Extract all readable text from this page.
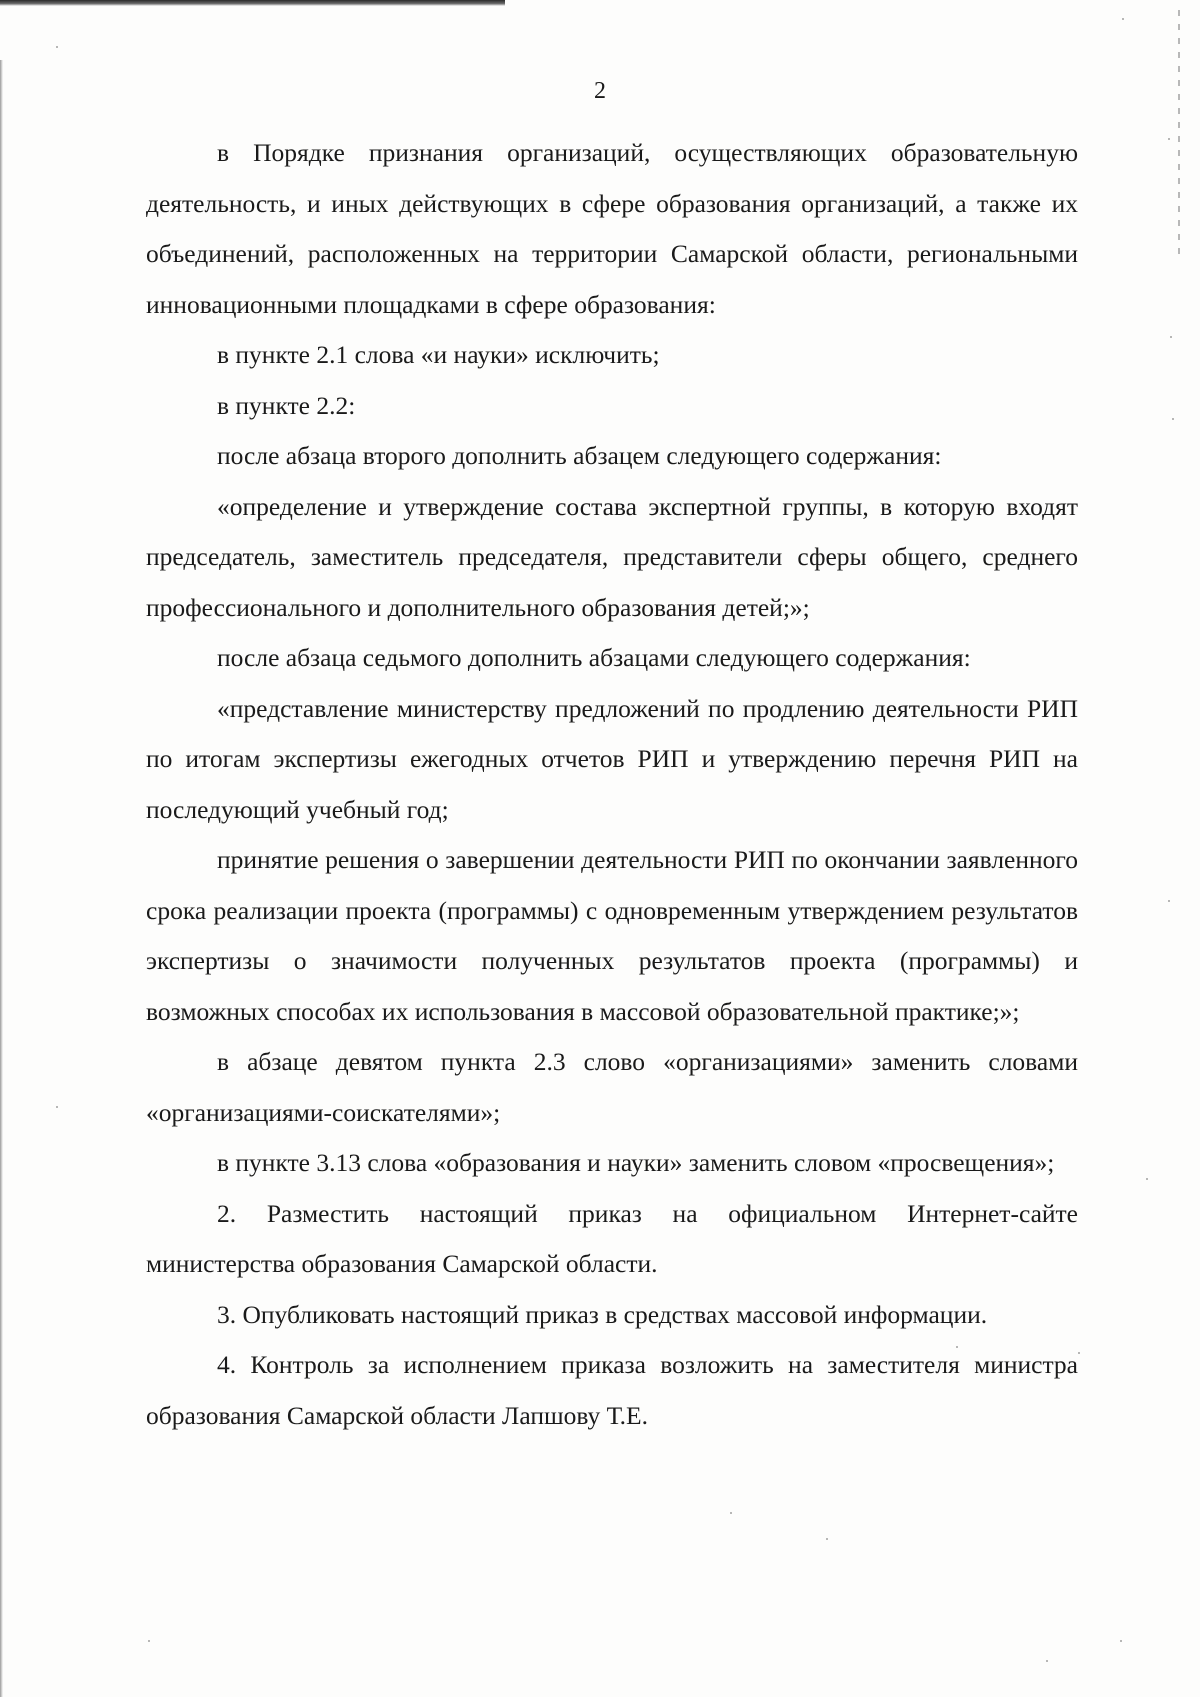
2

в Порядке признания организаций, осуществляющих образовательную деятельность, и иных действующих в сфере образования организаций, а также их объединений, расположенных на территории Самарской области, региональными инновационными площадками в сфере образования:

в пункте 2.1 слова «и науки» исключить;

в пункте 2.2:

после абзаца второго дополнить абзацем следующего содержания:

«определение и утверждение состава экспертной группы, в которую входят председатель, заместитель председателя, представители сферы общего, среднего профессионального и дополнительного образования детей;»;

после абзаца седьмого дополнить абзацами следующего содержания:

«представление министерству предложений по продлению деятельности РИП по итогам экспертизы ежегодных отчетов РИП и утверждению перечня РИП на последующий учебный год;

принятие решения о завершении деятельности РИП по окончании заявленного срока реализации проекта (программы) с одновременным утверждением результатов экспертизы о значимости полученных результатов проекта (программы) и возможных способах их использования в массовой образовательной практике;»;

в абзаце девятом пункта 2.3 слово «организациями» заменить словами «организациями-соискателями»;

в пункте 3.13 слова «образования и науки» заменить словом «просвещения»;

2. Разместить настоящий приказ на официальном Интернет-сайте министерства образования Самарской области.

3. Опубликовать настоящий приказ в средствах массовой информации.

4. Контроль за исполнением приказа возложить на заместителя министра образования Самарской области Лапшову Т.Е.
